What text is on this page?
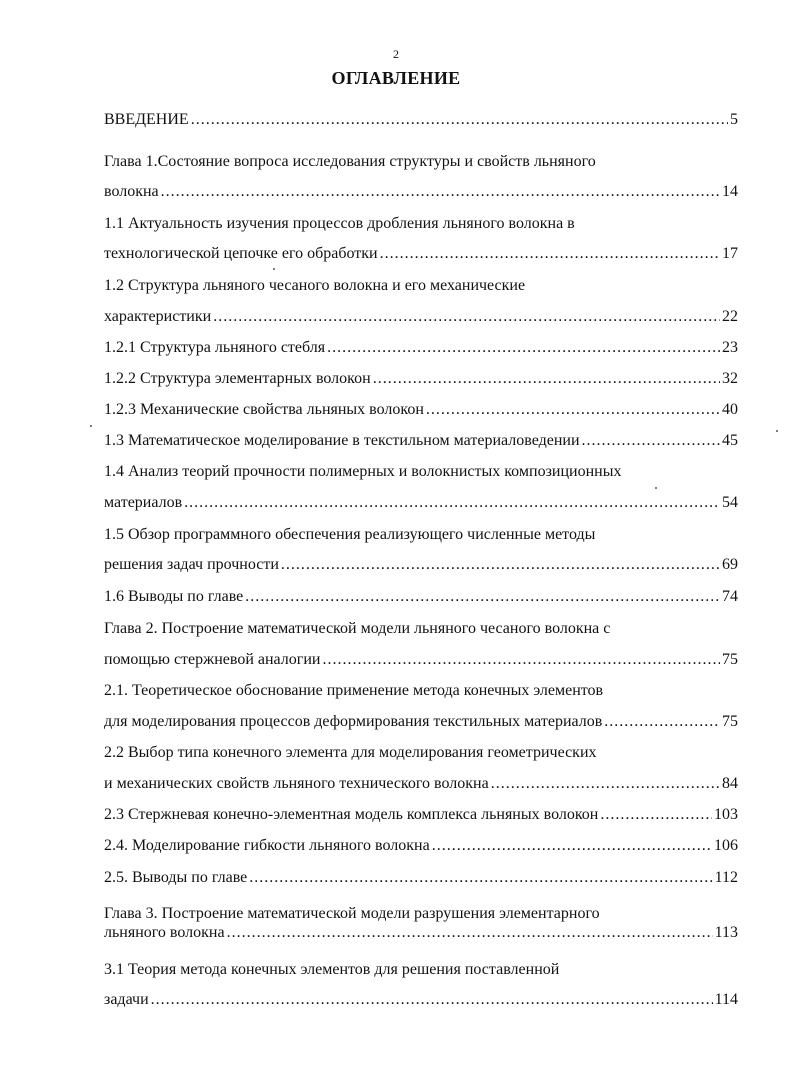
2
ОГЛАВЛЕНИЕ
ВВЕДЕНИЕ .....	5
Глава 1.Состояние вопроса исследования структуры и свойств льняного
волокна .....	14
1.1 Актуальность изучения процессов дробления льняного волокна в
технологической цепочке его обработки .....	17
1.2 Структура льняного чесаного волокна и его механические
характеристики .....	22
1.2.1 Структура льняного стебля .....	23
1.2.2 Структура элементарных волокон .....	32
1.2.3 Механические свойства льняных волокон .....	40
1.3 Математическое моделирование в текстильном материаловедении .....	45
1.4 Анализ теорий прочности полимерных и волокнистых композиционных
материалов .....	54
1.5 Обзор программного обеспечения реализующего численные методы
решения задач прочности .....	69
1.6 Выводы по главе .....	74
Глава 2. Построение математической модели льняного чесаного волокна с
помощью стержневой аналогии .....	75
2.1. Теоретическое обоснование применение метода конечных элементов
для моделирования процессов деформирования текстильных материалов .....	75
2.2 Выбор типа конечного элемента для моделирования геометрических
и механических свойств льняного технического волокна .....	84
2.3 Стержневая конечно-элементная модель комплекса льняных волокон .....	103
2.4. Моделирование гибкости льняного волокна .....	106
2.5. Выводы по главе .....	112
Глава 3. Построение математической модели разрушения элементарного
льняного волокна .....	113
3.1 Теория метода конечных элементов для решения поставленной
задачи .....	114
